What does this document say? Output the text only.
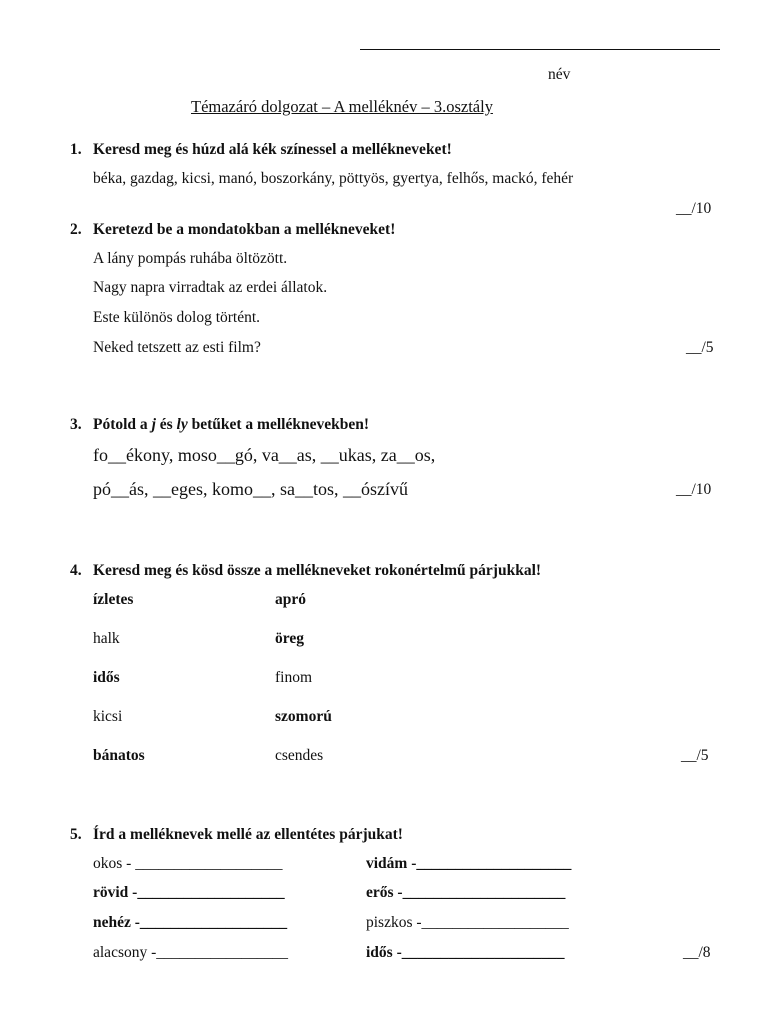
név
Témazáró dolgozat – A melléknév – 3.osztály
1. Keresd meg és húzd alá kék színessel a mellékneveket!
béka, gazdag, kicsi, manó, boszorkány, pöttyös, gyertya, felhős, mackó, fehér
__/10
2. Keretezd be a mondatokban a mellékneveket!
A lány pompás ruhába öltözött.
Nagy napra virradtak az erdei állatok.
Este különös dolog történt.
Neked tetszett az esti film?	__/5
3. Pótold a j és ly betűket a melléknevekben!
fo__ékony, moso__gó, va__as, __ukas, za__os,
pó__ás, __eges, komo__, sa__tos, __ószívű	__/10
4. Keresd meg és kösd össze a mellékneveket rokonértelmű párjukkal!
ízletes	apró
halk	öreg
idős	finom
kicsi	szomorú
bánatos	csendes	__/5
5. Írd a melléknevek mellé az ellentétes párjukat!
okos - ___________________	vidám -____________________
rövid -___________________	erős -_____________________
nehéz -___________________	piszkos -___________________
alacsony -_________________	idős -_____________________	__/8
